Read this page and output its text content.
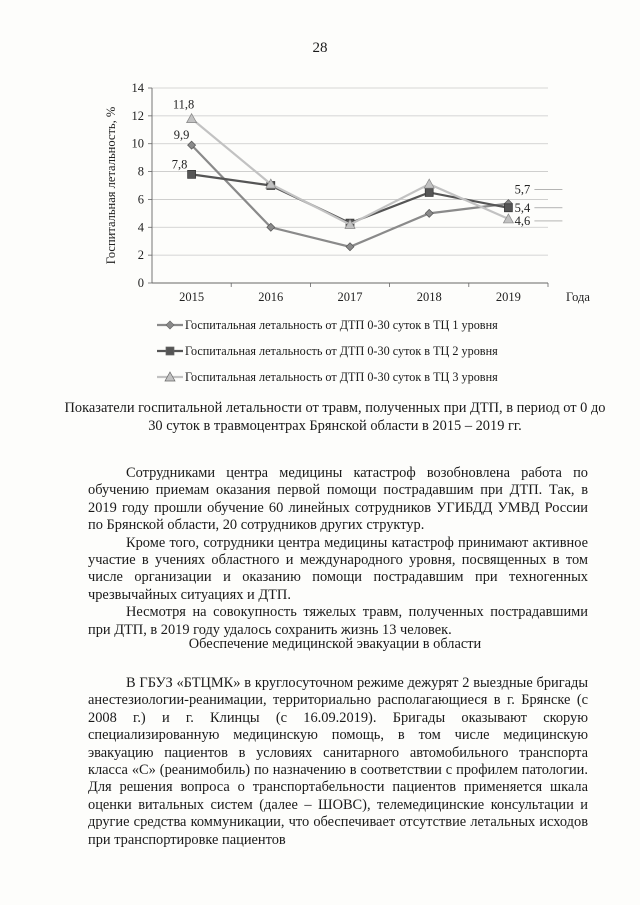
28
0
2
4
6
8
10
12
14
2015	2016	2017	2018	2019	Года
Госпитальная летальность, %	9,9
5,7
7,8
5,4
11,8
4,6
Госпитальная летальность от ДТП 0-30 суток в ТЦ 1 уровня
Госпитальная летальность от ДТП 0-30 суток в ТЦ 2 уровня
Госпитальная летальность от ДТП 0-30 суток в ТЦ 3 уровня
Показатели госпитальной летальности от травм, полученных при ДТП, в период от 0 до 30 суток в травмоцентрах Брянской области в 2015 – 2019 гг.

Сотрудниками центра медицины катастроф возобновлена работа по обучению приемам оказания первой помощи пострадавшим при ДТП. Так, в 2019 году прошли обучение 60 линейных сотрудников УГИБДД УМВД России по Брянской области, 20 сотрудников других структур.

Кроме того, сотрудники центра медицины катастроф принимают активное участие в учениях областного и международного уровня, посвященных в том числе организации и оказанию помощи пострадавшим при техногенных чрезвычайных ситуациях и ДТП.

Несмотря на совокупность тяжелых травм, полученных пострадавшими при ДТП, в 2019 году удалось сохранить жизнь 13 человек.

Обеспечение медицинской эвакуации в области

В ГБУЗ «БТЦМК» в круглосуточном режиме дежурят 2 выездные бригады анестезиологии-реанимации, территориально располагающиеся в г. Брянске (с 2008 г.) и г. Клинцы (с 16.09.2019). Бригады оказывают скорую специализированную медицинскую помощь, в том числе медицинскую эвакуацию пациентов в условиях санитарного автомобильного транспорта класса «С» (реанимобиль) по назначению в соответствии с профилем патологии. Для решения вопроса о транспортабельности пациентов применяется шкала оценки витальных систем (далее – ШОВС), телемедицинские консультации и другие средства коммуникации, что обеспечивает отсутствие летальных исходов при транспортировке пациентов
